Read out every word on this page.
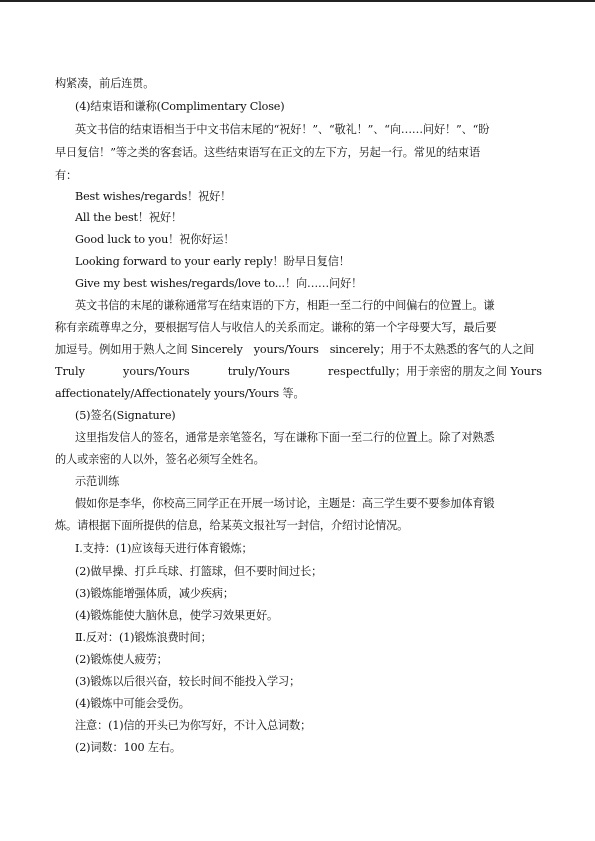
构紧凑，前后连贯。
(4)结束语和谦称(Complimentary Close)
英文书信的结束语相当于中文书信末尾的“祝好！”、“敬礼！”、“向……问好！”、“盼
早日复信！”等之类的客套话。这些结束语写在正文的左下方，另起一行。常见的结束语
有：
Best wishes/regards！祝好！
All the best！祝好！
Good luck to you！祝你好运！
Looking forward to your early reply！盼早日复信！
Give my best wishes/regards/love to...！向……问好！
英文书信的末尾的谦称通常写在结束语的下方，相距一至二行的中间偏右的位置上。谦
称有亲疏尊卑之分，要根据写信人与收信人的关系而定。谦称的第一个字母要大写，最后要
加逗号。例如用于熟人之间 Sincerely　yours/Yours　sincerely；用于不太熟悉的客气的人之间
Truly	yours/Yours	truly/Yours	respectfully；用于亲密的朋友之间 Yours
affectionately/Affectionately yours/Yours 等。
(5)签名(Signature)
这里指发信人的签名，通常是亲笔签名，写在谦称下面一至二行的位置上。除了对熟悉
的人或亲密的人以外，签名必须写全姓名。
示范训练
假如你是李华，你校高三同学正在开展一场讨论，主题是：高三学生要不要参加体育锻
炼。请根据下面所提供的信息，给某英文报社写一封信，介绍讨论情况。
Ⅰ.支持：(1)应该每天进行体育锻炼；
(2)做早操、打乒乓球、打篮球，但不要时间过长；
(3)锻炼能增强体质，减少疾病；
(4)锻炼能使大脑休息，使学习效果更好。
Ⅱ.反对：(1)锻炼浪费时间；
(2)锻炼使人疲劳；
(3)锻炼以后很兴奋，较长时间不能投入学习；
(4)锻炼中可能会受伤。
注意：(1)信的开头已为你写好，不计入总词数；
(2)词数：100 左右。
